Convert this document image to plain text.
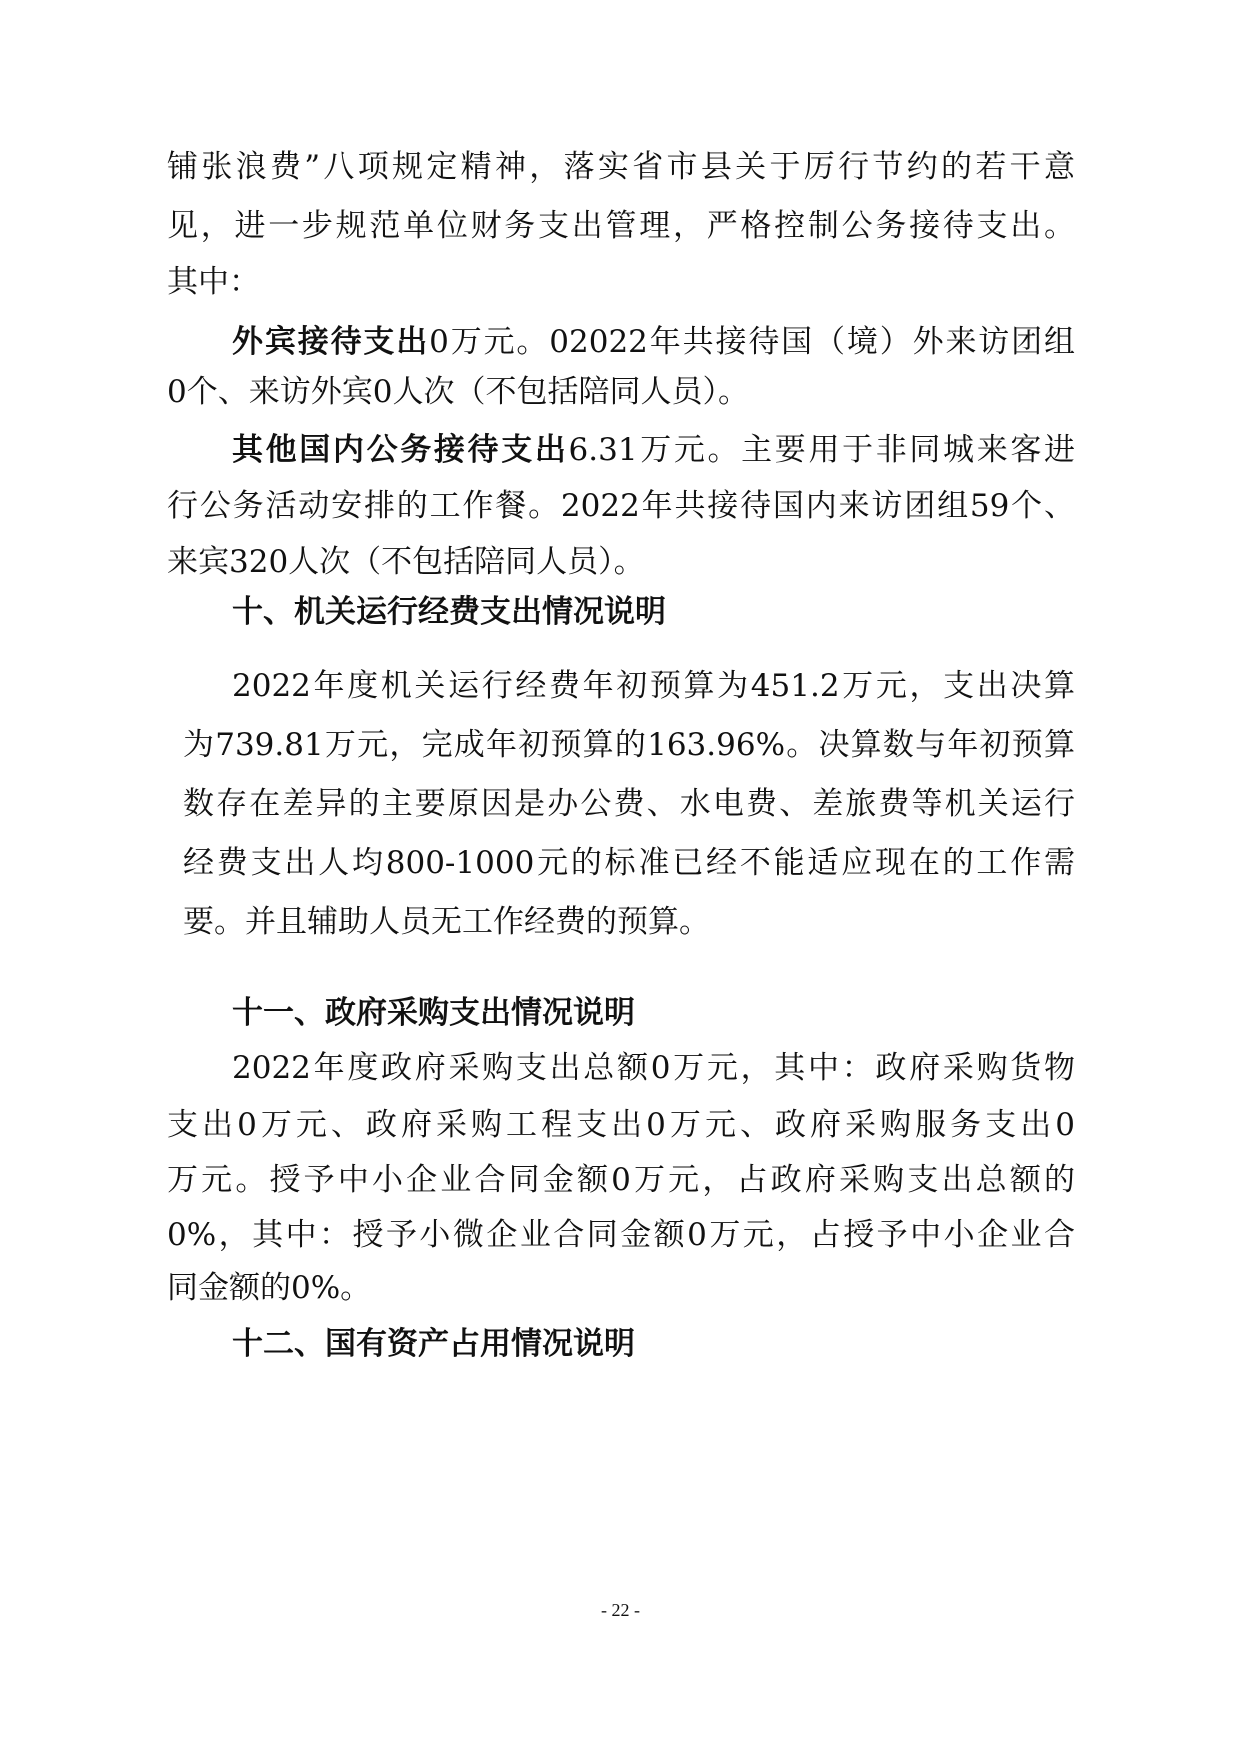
铺张浪费”八项规定精神，落实省市县关于厉行节约的若干意
见，进一步规范单位财务支出管理，严格控制公务接待支出。
其中：
外宾接待支出0万元。02022年共接待国（境）外来访团组
0个、来访外宾0人次（不包括陪同人员）。
其他国内公务接待支出6.31万元。主要用于非同城来客进
行公务活动安排的工作餐。2022年共接待国内来访团组59个、
来宾320人次（不包括陪同人员）。
十、机关运行经费支出情况说明
2022年度机关运行经费年初预算为451.2万元，支出决算
为739.81万元，完成年初预算的163.96%。决算数与年初预算
数存在差异的主要原因是办公费、水电费、差旅费等机关运行
经费支出人均800-1000元的标准已经不能适应现在的工作需
要。并且辅助人员无工作经费的预算。
十一、政府采购支出情况说明
2022年度政府采购支出总额0万元，其中：政府采购货物
支出0万元、政府采购工程支出0万元、政府采购服务支出0
万元。授予中小企业合同金额0万元，占政府采购支出总额的
0%，其中：授予小微企业合同金额0万元，占授予中小企业合
同金额的0%。
十二、国有资产占用情况说明
- 22 -
